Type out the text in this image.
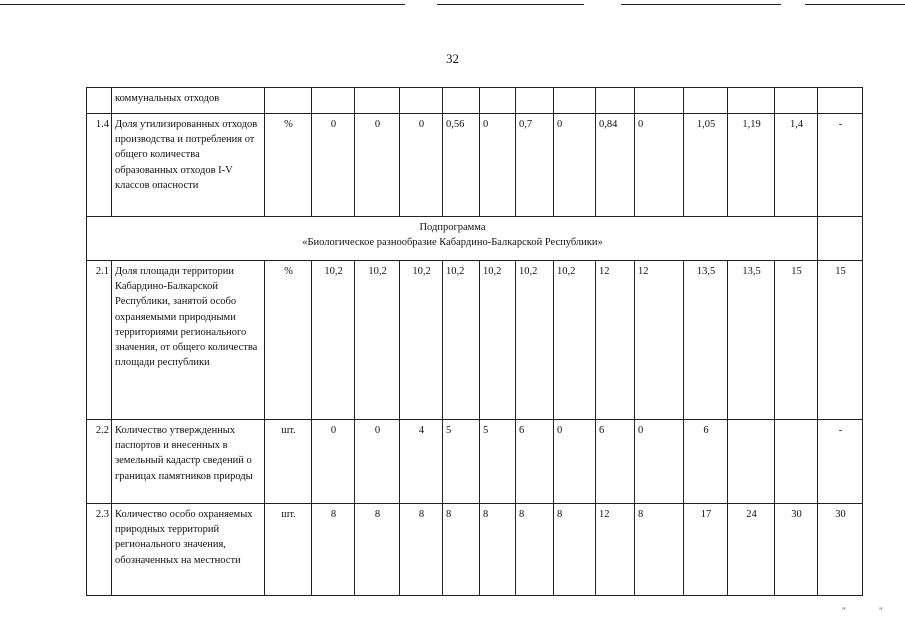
32
	коммунальных отходов														
1.4	Доля утилизированных отходов производства и потребления от общего количества образованных отходов I-V классов опасности	%	0	0	0	0,56	0	0,7	0	0,84	0	1,05	1,19	1,4	-

Подпрограмма
«Биологическое разнообразие Кабардино-Балкарской Республики»															

2.1	Доля площади территории Кабардино-Балкарской Республики, занятой особо охраняемыми природными территориями регионального значения, от общего количества площади республики	%	10,2	10,2	10,2	10,2	10,2	10,2	10,2	12	12	13,5	13,5	15	15
2.2	Количество утвержденных паспортов и внесенных в земельный кадастр сведений о границах памятников природы	шт.	0	0	4	5	5	6	0	6	0	6			-
2.3	Количество особо охраняемых природных территорий регионального значения, обозначенных на местности	шт.	8	8	8	8	8	8	8	12	8	17	24	30	30
"	"
